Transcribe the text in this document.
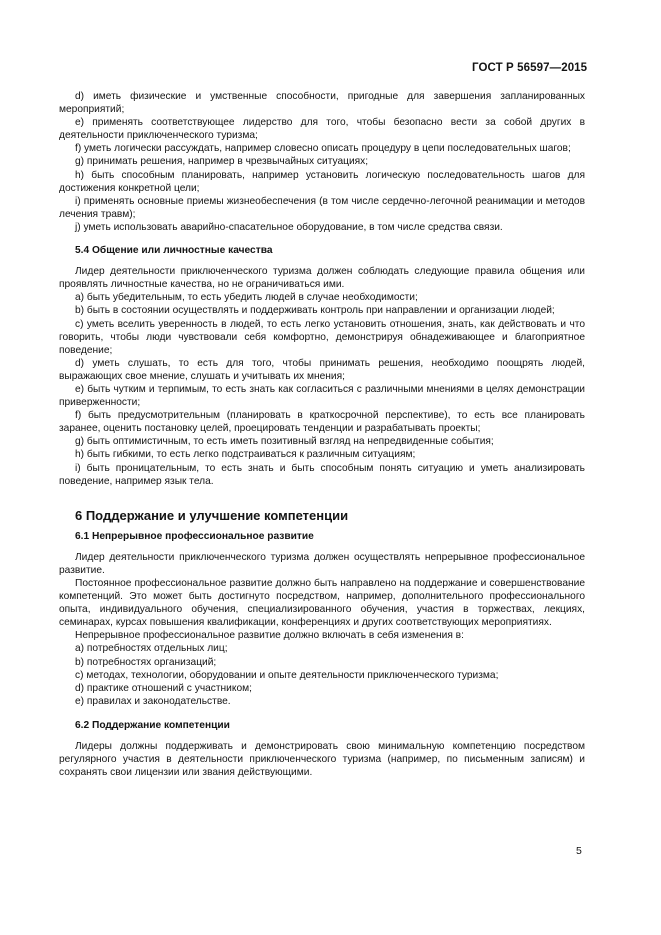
ГОСТ Р 56597—2015

d) иметь физические и умственные способности, пригодные для завершения запланированных мероприятий;

e) применять соответствующее лидерство для того, чтобы безопасно вести за собой других в деятельности приключенческого туризма;

f) уметь логически рассуждать, например словесно описать процедуру в цепи последовательных шагов;

g) принимать решения, например в чрезвычайных ситуациях;

h) быть способным планировать, например установить логическую последовательность шагов для достижения конкретной цели;

i) применять основные приемы жизнеобеспечения (в том числе сердечно-легочной реанимации и методов лечения травм);

j) уметь использовать аварийно-спасательное оборудование, в том числе средства связи.

5.4 Общение или личностные качества

Лидер деятельности приключенческого туризма должен соблюдать следующие правила общения или проявлять личностные качества, но не ограничиваться ими.

a) быть убедительным, то есть убедить людей в случае необходимости;

b) быть в состоянии осуществлять и поддерживать контроль при направлении и организации людей;

c) уметь вселить уверенность в людей, то есть легко установить отношения, знать, как действовать и что говорить, чтобы люди чувствовали себя комфортно, демонстрируя обнадеживающее и благоприятное поведение;

d) уметь слушать, то есть для того, чтобы принимать решения, необходимо поощрять людей, выражающих свое мнение, слушать и учитывать их мнения;

e) быть чутким и терпимым, то есть знать как согласиться с различными мнениями в целях демонстрации приверженности;

f) быть предусмотрительным (планировать в краткосрочной перспективе), то есть все планировать заранее, оценить постановку целей, проецировать тенденции и разрабатывать проекты;

g) быть оптимистичным, то есть иметь позитивный взгляд на непредвиденные события;

h) быть гибкими, то есть легко подстраиваться к различным ситуациям;

i) быть проницательным, то есть знать и быть способным понять ситуацию и уметь анализировать поведение, например язык тела.

6 Поддержание и улучшение компетенции

6.1 Непрерывное профессиональное развитие

Лидер деятельности приключенческого туризма должен осуществлять непрерывное профессиональное развитие.

Постоянное профессиональное развитие должно быть направлено на поддержание и совершенствование компетенций. Это может быть достигнуто посредством, например, дополнительного профессионального опыта, индивидуального обучения, специализированного обучения, участия в торжествах, лекциях, семинарах, курсах повышения квалификации, конференциях и других соответствующих мероприятиях.

Непрерывное профессиональное развитие должно включать в себя изменения в:

a) потребностях отдельных лиц;

b) потребностях организаций;

c) методах, технологии, оборудовании и опыте деятельности приключенческого туризма;

d) практике отношений с участником;

e) правилах и законодательстве.

6.2 Поддержание компетенции

Лидеры должны поддерживать и демонстрировать свою минимальную компетенцию посредством регулярного участия в деятельности приключенческого туризма (например, по письменным записям) и сохранять свои лицензии или звания действующими.

5
